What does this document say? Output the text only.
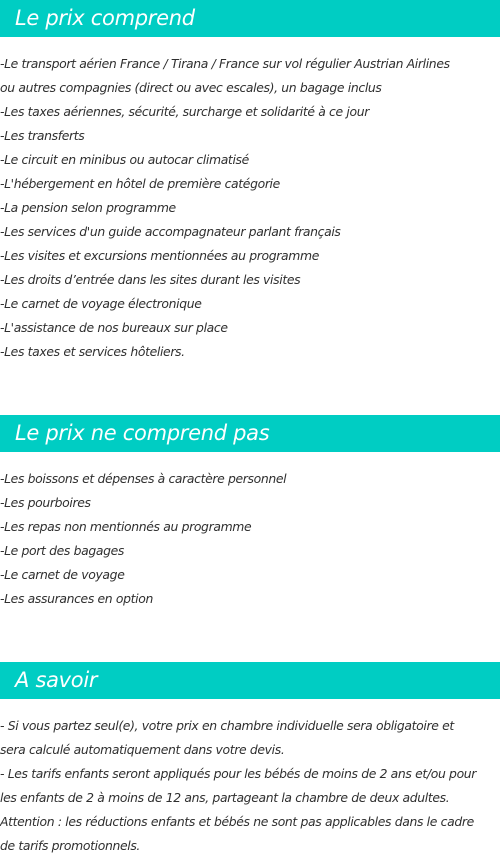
Le prix comprend
-Le transport aérien France / Tirana / France sur vol régulier Austrian Airlines
ou autres compagnies (direct ou avec escales), un bagage inclus
-Les taxes aériennes, sécurité, surcharge et solidarité à ce jour
-Les transferts
-Le circuit en minibus ou autocar climatisé
-L'hébergement en hôtel de première catégorie
-La pension selon programme
-Les services d'un guide accompagnateur parlant français
-Les visites et excursions mentionnées au programme
-Les droits d’entrée dans les sites durant les visites
-Le carnet de voyage électronique
-L'assistance de nos bureaux sur place
-Les taxes et services hôteliers.
Le prix ne comprend pas
-Les boissons et dépenses à caractère personnel
-Les pourboires
-Les repas non mentionnés au programme
-Le port des bagages
-Le carnet de voyage
-Les assurances en option
A savoir
- Si vous partez seul(e), votre prix en chambre individuelle sera obligatoire et
sera calculé automatiquement dans votre devis.
- Les tarifs enfants seront appliqués pour les bébés de moins de 2 ans et/ou pour
les enfants de 2 à moins de 12 ans, partageant la chambre de deux adultes.
Attention : les réductions enfants et bébés ne sont pas applicables dans le cadre
de tarifs promotionnels.
